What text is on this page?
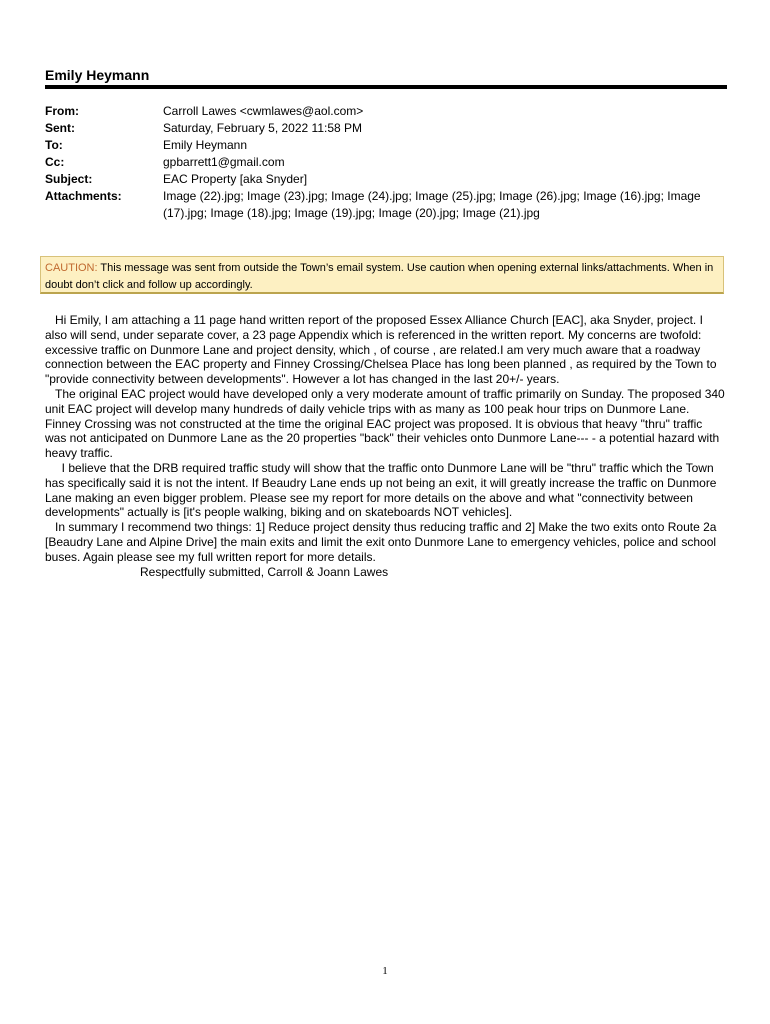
Emily Heymann
From:	Carroll Lawes <cwmlawes@aol.com>
Sent:	Saturday, February 5, 2022 11:58 PM
To:	Emily Heymann
Cc:	gpbarrett1@gmail.com
Subject:	EAC Property [aka Snyder]
Attachments:	Image (22).jpg; Image (23).jpg; Image (24).jpg; Image (25).jpg; Image (26).jpg; Image (16).jpg; Image (17).jpg; Image (18).jpg; Image (19).jpg; Image (20).jpg; Image (21).jpg
CAUTION: This message was sent from outside the Town’s email system. Use caution when opening external links/attachments. When in doubt don’t click and follow up accordingly.

Hi Emily, I am attaching a 11 page hand written report of the proposed Essex Alliance Church [EAC], aka Snyder, project. I also will send, under separate cover, a 23 page Appendix which is referenced in the written report. My concerns are twofold: excessive traffic on Dunmore Lane and project density, which , of course , are related.I am very much aware that a roadway connection between the EAC property and Finney Crossing/Chelsea Place has long been planned , as required by the Town to "provide connectivity between developments". However a lot has changed in the last 20+/- years.

The original EAC project would have developed only a very moderate amount of traffic primarily on Sunday. The proposed 340 unit EAC project will develop many hundreds of daily vehicle trips with as many as 100 peak hour trips on Dunmore Lane. Finney Crossing was not constructed at the time the original EAC project was proposed. It is obvious that heavy "thru" traffic was not anticipated on Dunmore Lane as the 20 properties "back" their vehicles onto Dunmore Lane--- - a potential hazard with heavy traffic.

I believe that the DRB required traffic study will show that the traffic onto Dunmore Lane will be "thru" traffic which the Town has specifically said it is not the intent. If Beaudry Lane ends up not being an exit, it will greatly increase the traffic on Dunmore Lane making an even bigger problem. Please see my report for more details on the above and what "connectivity between developments" actually is [it's people walking, biking and on skateboards NOT vehicles].

In summary I recommend two things: 1] Reduce project density thus reducing traffic and 2] Make the two exits onto Route 2a [Beaudry Lane and Alpine Drive] the main exits and limit the exit onto Dunmore Lane to emergency vehicles, police and school buses. Again please see my full written report for more details.

Respectfully submitted, Carroll & Joann Lawes

1
